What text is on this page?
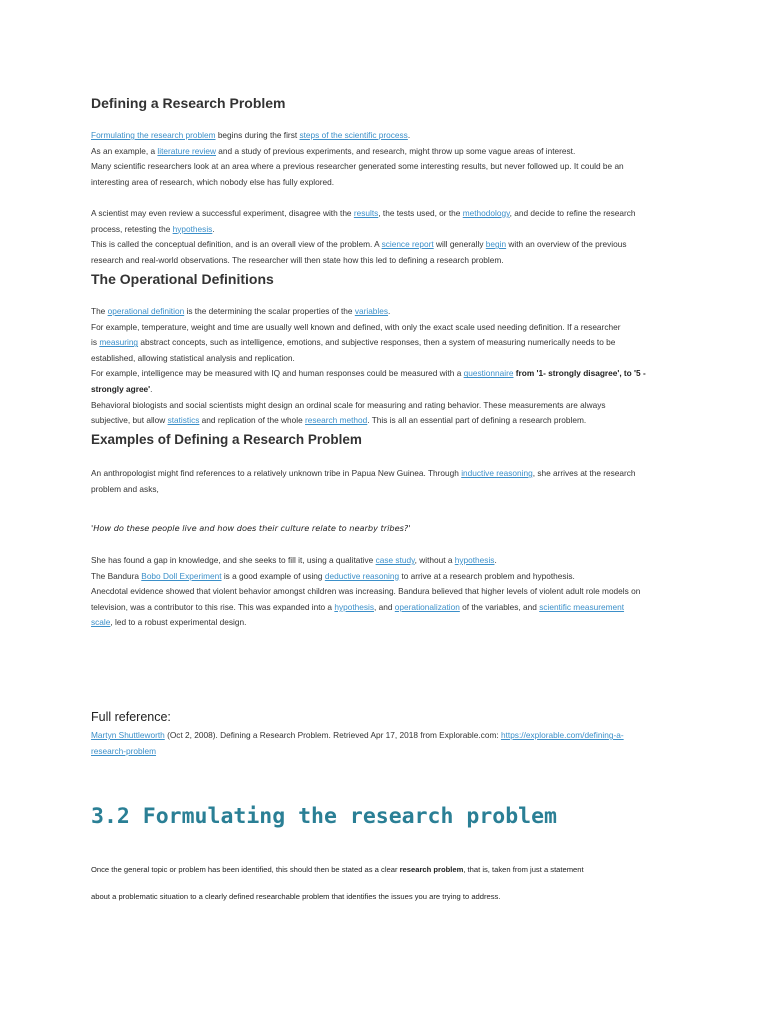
Defining a Research Problem
Formulating the research problem begins during the first steps of the scientific process.
As an example, a literature review and a study of previous experiments, and research, might throw up some vague areas of interest.
Many scientific researchers look at an area where a previous researcher generated some interesting results, but never followed up. It could be an
interesting area of research, which nobody else has fully explored.

A scientist may even review a successful experiment, disagree with the results, the tests used, or the methodology, and decide to refine the research
process, retesting the hypothesis.
This is called the conceptual definition, and is an overall view of the problem. A science report will generally begin with an overview of the previous
research and real-world observations. The researcher will then state how this led to defining a research problem.
The Operational Definitions
The operational definition is the determining the scalar properties of the variables.
For example, temperature, weight and time are usually well known and defined, with only the exact scale used needing definition. If a researcher
is measuring abstract concepts, such as intelligence, emotions, and subjective responses, then a system of measuring numerically needs to be
established, allowing statistical analysis and replication.
For example, intelligence may be measured with IQ and human responses could be measured with a questionnaire from '1- strongly disagree', to '5 -
strongly agree'.
Behavioral biologists and social scientists might design an ordinal scale for measuring and rating behavior. These measurements are always
subjective, but allow statistics and replication of the whole research method. This is all an essential part of defining a research problem.
Examples of Defining a Research Problem
An anthropologist might find references to a relatively unknown tribe in Papua New Guinea. Through inductive reasoning, she arrives at the research
problem and asks,
'How do these people live and how does their culture relate to nearby tribes?'
She has found a gap in knowledge, and she seeks to fill it, using a qualitative case study, without a hypothesis.
The Bandura Bobo Doll Experiment is a good example of using deductive reasoning to arrive at a research problem and hypothesis.
Anecdotal evidence showed that violent behavior amongst children was increasing. Bandura believed that higher levels of violent adult role models on
television, was a contributor to this rise. This was expanded into a hypothesis, and operationalization of the variables, and scientific measurement
scale, led to a robust experimental design.
Full reference:
Martyn Shuttleworth (Oct 2, 2008). Defining a Research Problem. Retrieved Apr 17, 2018 from Explorable.com: https://explorable.com/defining-a-
research-problem
3.2 Formulating the research problem
Once the general topic or problem has been identified, this should then be stated as a clear research problem, that is, taken from just a statement
about a problematic situation to a clearly defined researchable problem that identifies the issues you are trying to address.
